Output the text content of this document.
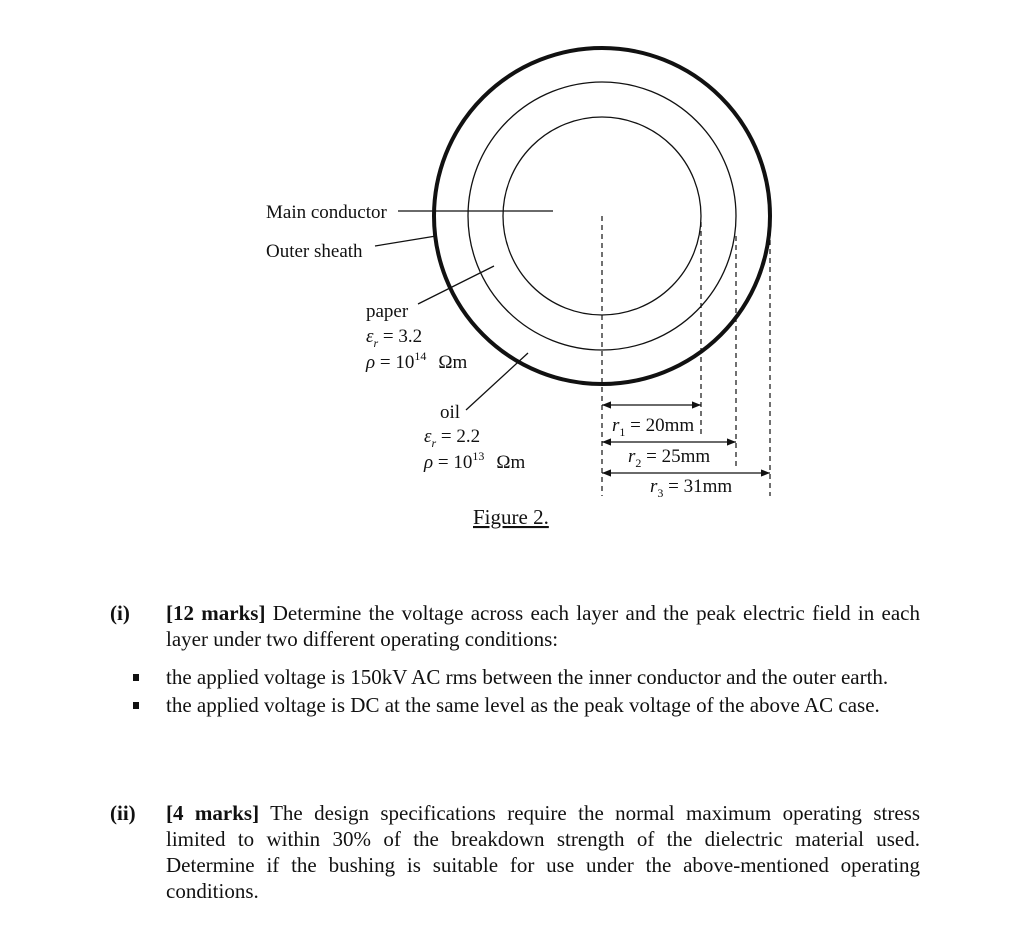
Main conductor
Outer sheath
paper
$\varepsilon_r = 3.2$
$\rho = 10^{14}$ Ωm
oil
$\varepsilon_r = 2.2$
$\rho = 10^{13}$ Ωm
$r_1 = 20mm$
$r_2 = 25mm$
$r_3 = 31mm$
Figure 2.
(i) [12 marks] Determine the voltage across each layer and the peak electric field in each layer under two different operating conditions:
the applied voltage is 150kV AC rms between the inner conductor and the outer earth.
the applied voltage is DC at the same level as the peak voltage of the above AC case.
(ii) [4 marks] The design specifications require the normal maximum operating stress limited to within 30% of the breakdown strength of the dielectric material used. Determine if the bushing is suitable for use under the above-mentioned operating conditions.
